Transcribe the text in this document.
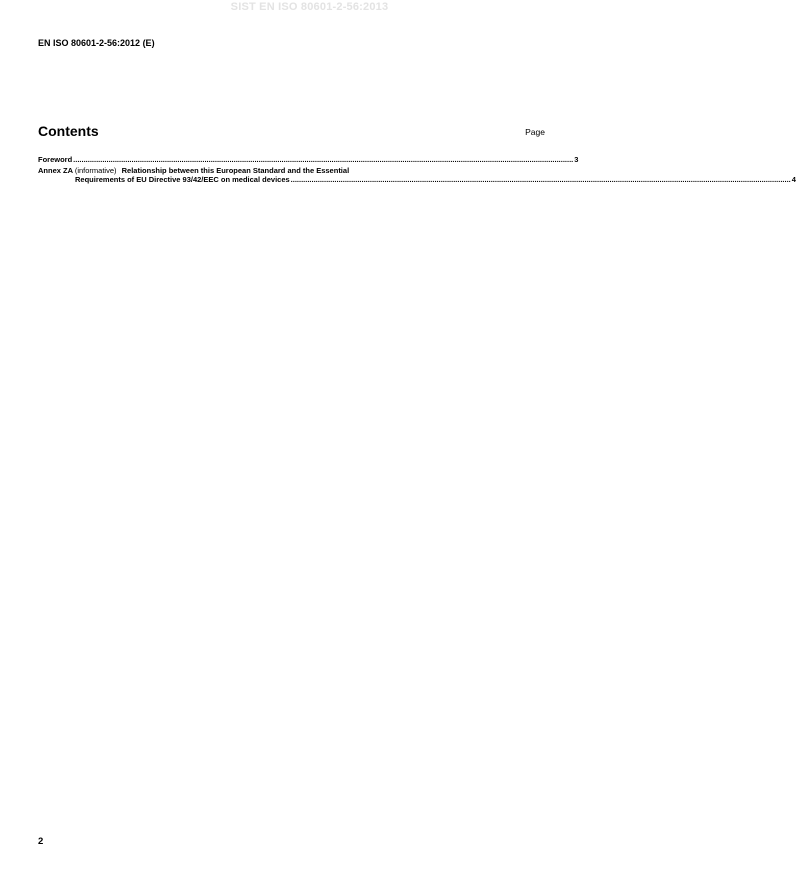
SIST EN ISO 80601-2-56:2013
EN ISO 80601-2-56:2012 (E)
Contents	Page
Foreword ................................................................................................................................................................................................................................................ 3
Annex ZA (informative) Relationship between this European Standard and the Essential
Requirements of EU Directive 93/42/EEC on medical devices ................................................................................................................................................................................................................................................ 4
2
